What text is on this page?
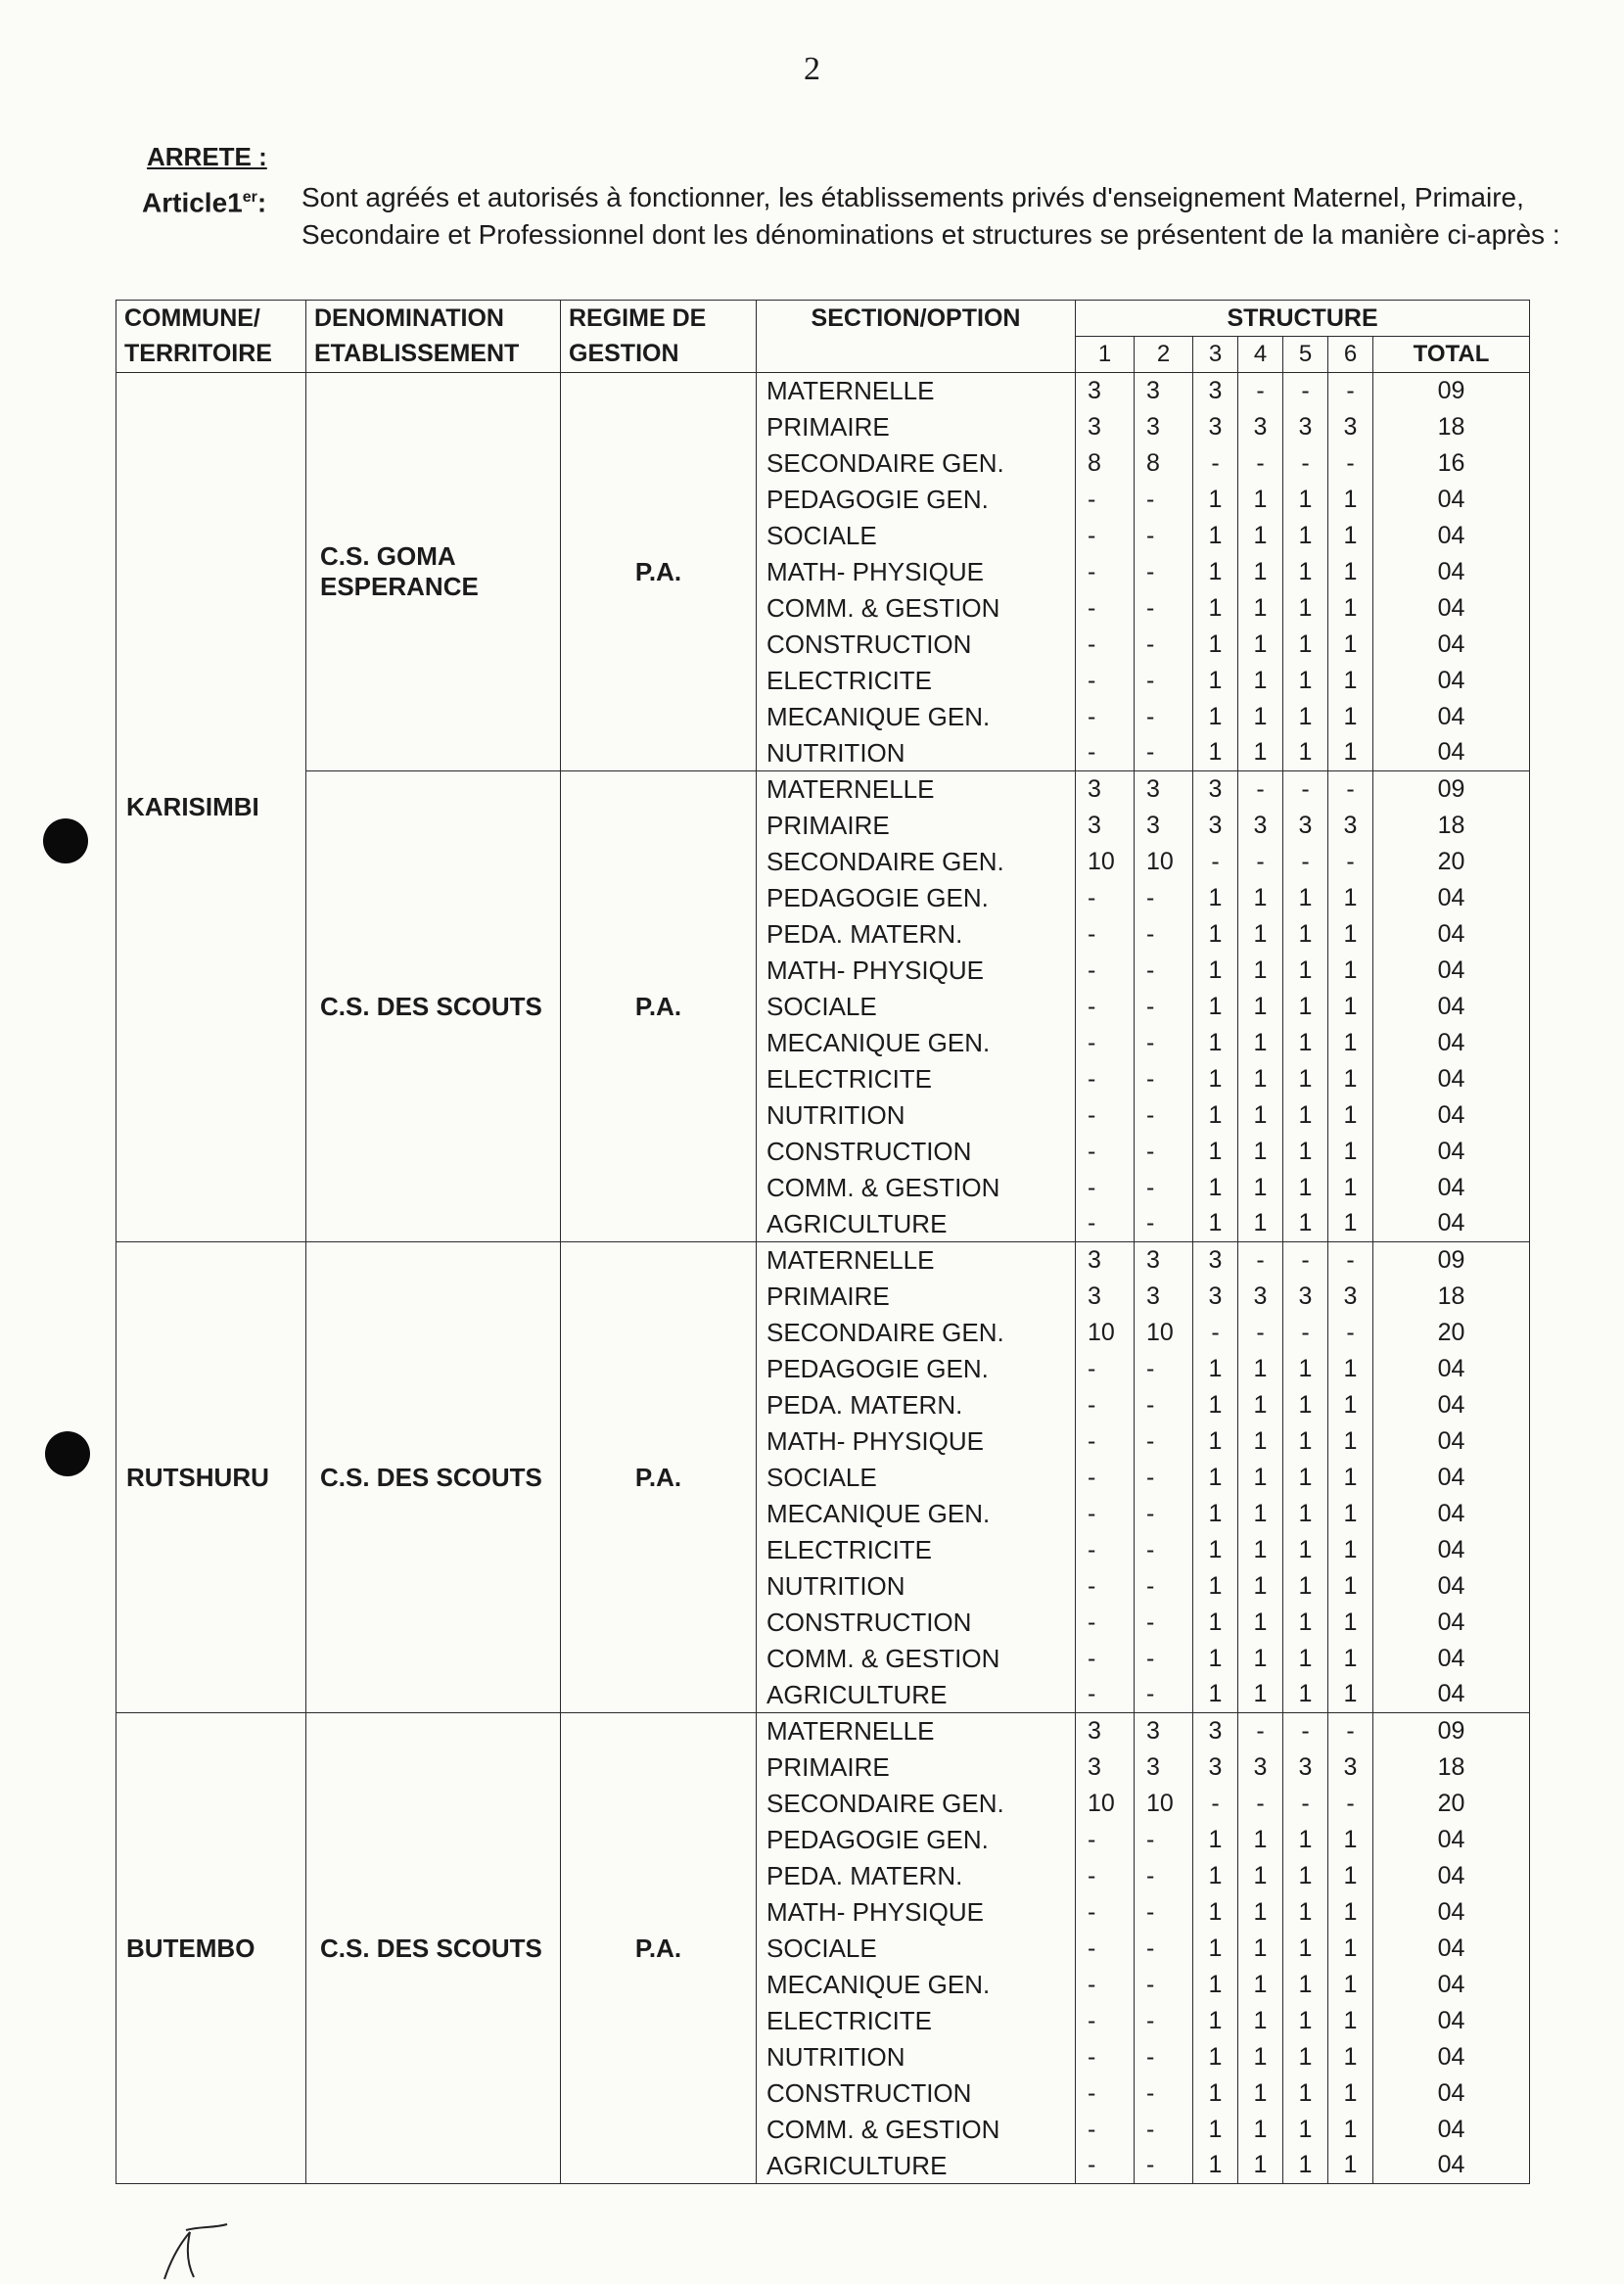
2
ARRETE :
Article1er: Sont agréés et autorisés à fonctionner, les établissements privés d'enseignement Maternel, Primaire, Secondaire et Professionnel dont les dénominations et structures se présentent de la manière ci-après :
COMMUNE/ TERRITOIRE	DENOMINATION ETABLISSEMENT	REGIME DE GESTION	SECTION/OPTION	STRUCTURE						
				1	2	3	4	5	6	TOTAL
KARISIMBI	C.S. GOMA ESPERANCE	P.A.	MATERNELLE	3	3	3	-	-	-	09
			PRIMAIRE	3	3	3	3	3	3	18
			SECONDAIRE GEN.	8	8	-	-	-	-	16
			PEDAGOGIE GEN.	-	-	1	1	1	1	04
			SOCIALE	-	-	1	1	1	1	04
			MATH- PHYSIQUE	-	-	1	1	1	1	04
			COMM. & GESTION	-	-	1	1	1	1	04
			CONSTRUCTION	-	-	1	1	1	1	04
			ELECTRICITE	-	-	1	1	1	1	04
			MECANIQUE GEN.	-	-	1	1	1	1	04
			NUTRITION	-	-	1	1	1	1	04
	C.S. DES SCOUTS	P.A.	MATERNELLE	3	3	3	-	-	-	09
			PRIMAIRE	3	3	3	3	3	3	18
			SECONDAIRE GEN.	10	10	-	-	-	-	20
			PEDAGOGIE GEN.	-	-	1	1	1	1	04
			PEDA. MATERN.	-	-	1	1	1	1	04
			MATH- PHYSIQUE	-	-	1	1	1	1	04
			SOCIALE	-	-	1	1	1	1	04
			MECANIQUE GEN.	-	-	1	1	1	1	04
			ELECTRICITE	-	-	1	1	1	1	04
			NUTRITION	-	-	1	1	1	1	04
			CONSTRUCTION	-	-	1	1	1	1	04
			COMM. & GESTION	-	-	1	1	1	1	04
			AGRICULTURE	-	-	1	1	1	1	04
RUTSHURU	C.S. DES SCOUTS	P.A.	MATERNELLE	3	3	3	-	-	-	09
			PRIMAIRE	3	3	3	3	3	3	18
			SECONDAIRE GEN.	10	10	-	-	-	-	20
			PEDAGOGIE GEN.	-	-	1	1	1	1	04
			PEDA. MATERN.	-	-	1	1	1	1	04
			MATH- PHYSIQUE	-	-	1	1	1	1	04
			SOCIALE	-	-	1	1	1	1	04
			MECANIQUE GEN.	-	-	1	1	1	1	04
			ELECTRICITE	-	-	1	1	1	1	04
			NUTRITION	-	-	1	1	1	1	04
			CONSTRUCTION	-	-	1	1	1	1	04
			COMM. & GESTION	-	-	1	1	1	1	04
			AGRICULTURE	-	-	1	1	1	1	04
BUTEMBO	C.S. DES SCOUTS	P.A.	MATERNELLE	3	3	3	-	-	-	09
			PRIMAIRE	3	3	3	3	3	3	18
			SECONDAIRE GEN.	10	10	-	-	-	-	20
			PEDAGOGIE GEN.	-	-	1	1	1	1	04
			PEDA. MATERN.	-	-	1	1	1	1	04
			MATH- PHYSIQUE	-	-	1	1	1	1	04
			SOCIALE	-	-	1	1	1	1	04
			MECANIQUE GEN.	-	-	1	1	1	1	04
			ELECTRICITE	-	-	1	1	1	1	04
			NUTRITION	-	-	1	1	1	1	04
			CONSTRUCTION	-	-	1	1	1	1	04
			COMM. & GESTION	-	-	1	1	1	1	04
			AGRICULTURE	-	-	1	1	1	1	04
